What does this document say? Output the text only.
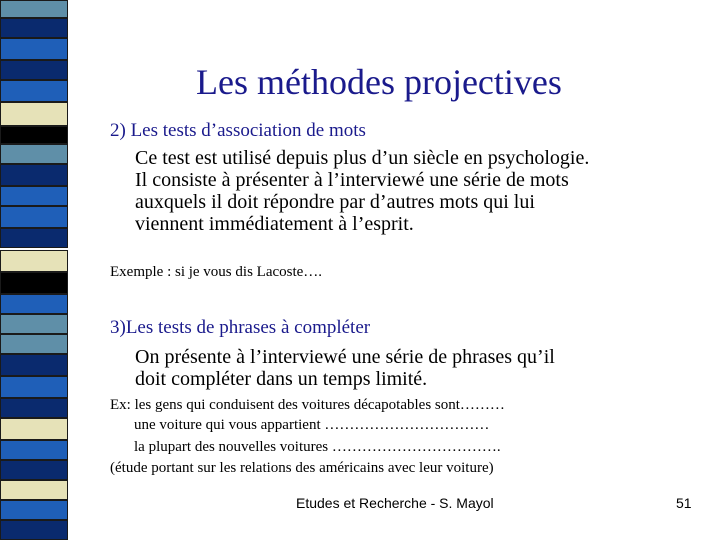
Les méthodes projectives
2) Les tests d’association de mots
Ce test est utilisé depuis plus d’un siècle en psychologie.
Il consiste à présenter à l’interviewé une série de mots
auxquels il doit répondre par d’autres mots qui lui
viennent immédiatement à l’esprit.
Exemple : si je vous dis Lacoste….
3)Les tests de phrases à compléter
On présente à l’interviewé une série de phrases qu’il
doit compléter dans un temps limité.
Ex: les gens qui conduisent des voitures décapotables sont………
une voiture qui vous appartient ……………………………
la plupart des nouvelles voitures …………………………….
(étude portant sur les relations des américains avec leur voiture)
Etudes et Recherche - S. Mayol	51
